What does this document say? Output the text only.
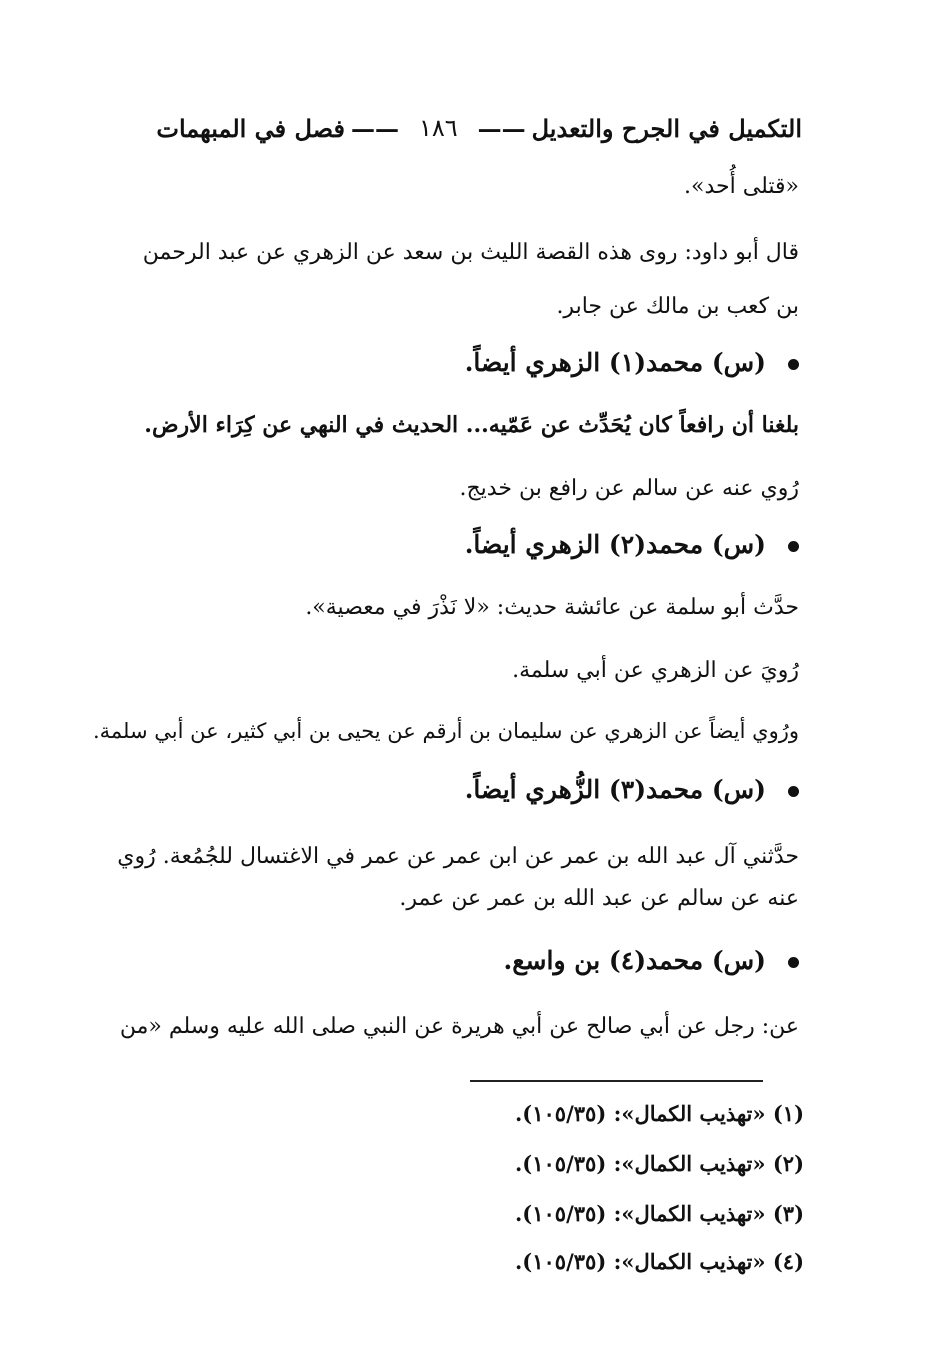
التكميل في الجرح والتعديل
——
١٨٦
——
فصل في المبهمات
«قتلى أُحد».
قال أبو داود: روى هذه القصة الليث بن سعد عن الزهري عن عبد الرحمن
بن كعب بن مالك عن جابر.
(س) محمد(١) الزهري أيضاً.
بلغنا أن رافعاً كان يُحَدِّث عن عَمّيه... الحديث في النهي عن كِرَاء الأرض.
رُوي عنه عن سالم عن رافع بن خديج.
(س) محمد(٢) الزهري أيضاً.
حدَّث أبو سلمة عن عائشة حديث: «لا نَذْرَ في معصية».
رُويَ عن الزهري عن أبي سلمة.
ورُوي أيضاً عن الزهري عن سليمان بن أرقم عن يحيى بن أبي كثير، عن أبي سلمة.
(س) محمد(٣) الزُّهري أيضاً.
حدَّثني آل عبد الله بن عمر عن ابن عمر عن عمر في الاغتسال للجُمُعة. رُوي
عنه عن سالم عن عبد الله بن عمر عن عمر.
(س) محمد(٤) بن واسع.
عن: رجل عن أبي صالح عن أبي هريرة عن النبي صلى الله عليه وسلم «من
(١) «تهذيب الكمال»: (١٠٥/٣٥).
(٢) «تهذيب الكمال»: (١٠٥/٣٥).
(٣) «تهذيب الكمال»: (١٠٥/٣٥).
(٤) «تهذيب الكمال»: (١٠٥/٣٥).
